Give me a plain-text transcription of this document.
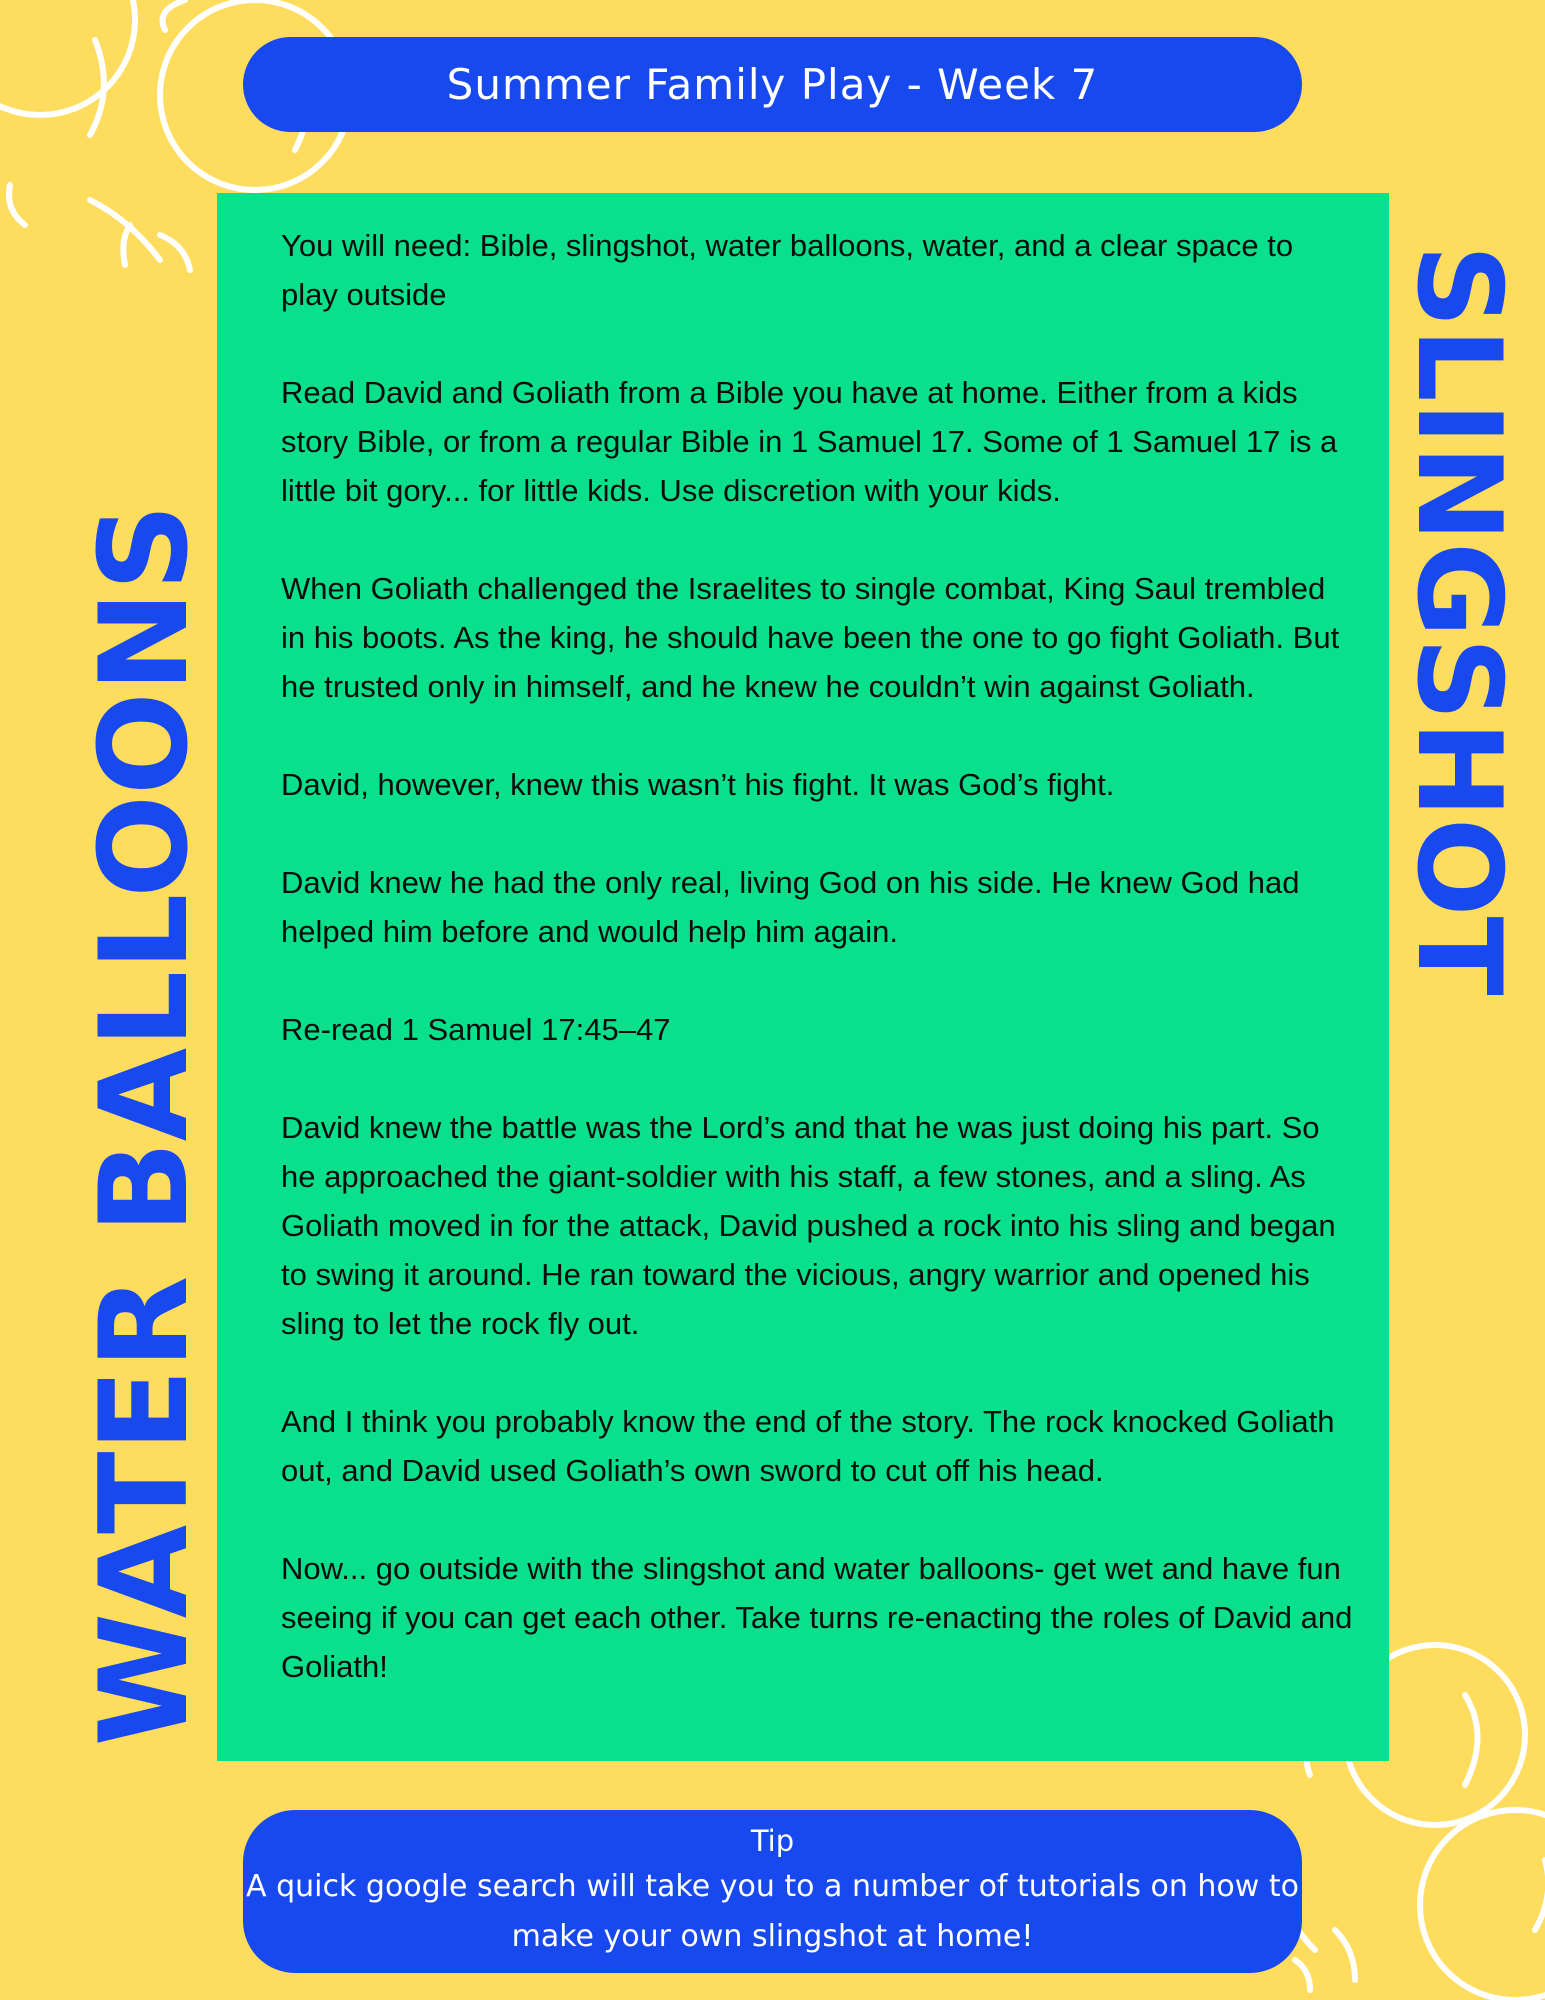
Summer Family Play - Week 7
WATER BALLOONS	SLINGSHOT

You will need: Bible, slingshot, water balloons, water, and a clear space to play outside

Read David and Goliath from a Bible you have at home. Either from a kids story Bible, or from a regular Bible in 1 Samuel 17. Some of 1 Samuel 17 is a little bit gory... for little kids. Use discretion with your kids.

When Goliath challenged the Israelites to single combat, King Saul trembled in his boots. As the king, he should have been the one to go fight Goliath. But he trusted only in himself, and he knew he couldn’t win against Goliath.

David, however, knew this wasn’t his fight. It was God’s fight.

David knew he had the only real, living God on his side. He knew God had helped him before and would help him again.

Re-read 1 Samuel 17:45–47

David knew the battle was the Lord’s and that he was just doing his part. So he approached the giant-soldier with his staff, a few stones, and a sling. As Goliath moved in for the attack, David pushed a rock into his sling and began to swing it around. He ran toward the vicious, angry warrior and opened his sling to let the rock fly out.

And I think you probably know the end of the story. The rock knocked Goliath out, and David used Goliath’s own sword to cut off his head.

Now... go outside with the slingshot and water balloons- get wet and have fun seeing if you can get each other. Take turns re-enacting the roles of David and Goliath!

Tip
A quick google search will take you to a number of tutorials on how to make your own slingshot at home!
